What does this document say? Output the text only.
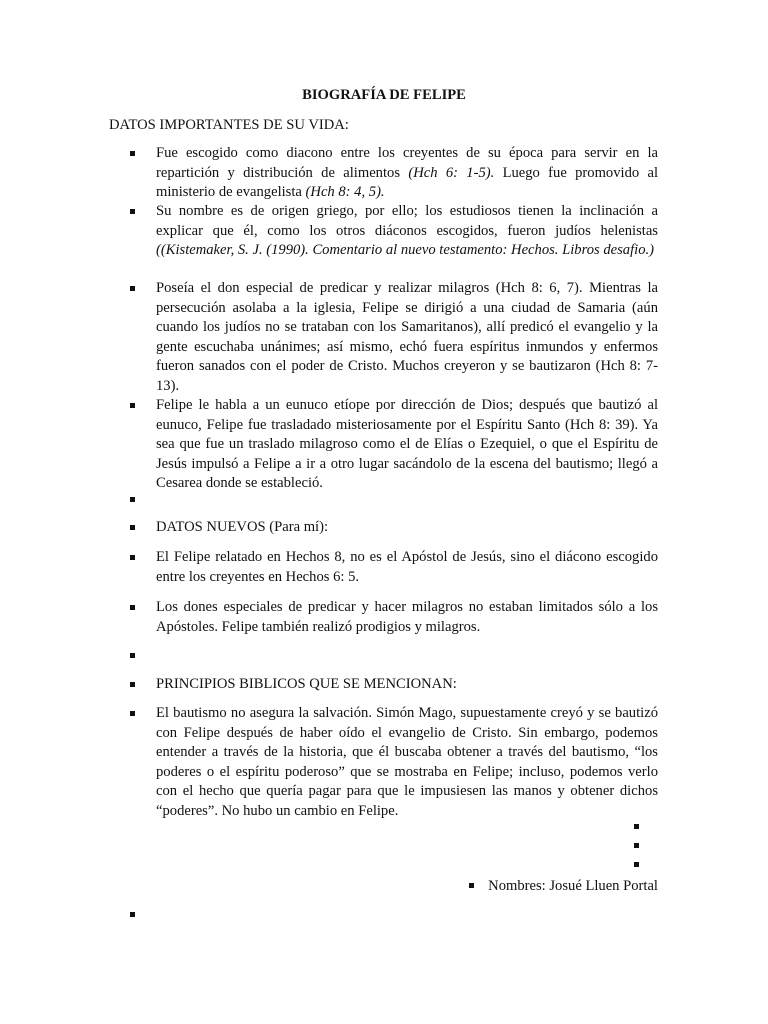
BIOGRAFÍA DE FELIPE

DATOS IMPORTANTES DE SU VIDA:

Fue escogido como diacono entre los creyentes de su época para servir en la repartición y distribución de alimentos (Hch 6: 1-5). Luego fue promovido al ministerio de evangelista (Hch 8: 4, 5).
Su nombre es de origen griego, por ello; los estudiosos tienen la inclinación a explicar que él, como los otros diáconos escogidos, fueron judíos helenistas ((Kistemaker, S. J. (1990). Comentario al nuevo testamento: Hechos. Libros desafio.)
Poseía el don especial de predicar y realizar milagros (Hch 8: 6, 7). Mientras la persecución asolaba a la iglesia, Felipe se dirigió a una ciudad de Samaria (aún cuando los judíos no se trataban con los Samaritanos), allí predicó el evangelio y la gente escuchaba unánimes; así mismo, echó fuera espíritus inmundos y enfermos fueron sanados con el poder de Cristo. Muchos creyeron y se bautizaron (Hch 8: 7-13).
Felipe le habla a un eunuco etíope por dirección de Dios; después que bautizó al eunuco, Felipe fue trasladado misteriosamente por el Espíritu Santo (Hch 8: 39). Ya sea que fue un traslado milagroso como el de Elías o Ezequiel, o que el Espíritu de Jesús impulsó a Felipe a ir a otro lugar sacándolo de la escena del bautismo; llegó a Cesarea donde se estableció.
DATOS NUEVOS (Para mí):
El Felipe relatado en Hechos 8, no es el Apóstol de Jesús, sino el diácono escogido entre los creyentes en Hechos 6: 5.
Los dones especiales de predicar y hacer milagros no estaban limitados sólo a los Apóstoles. Felipe también realizó prodigios y milagros.
PRINCIPIOS BIBLICOS QUE SE MENCIONAN:
El bautismo no asegura la salvación. Simón Mago, supuestamente creyó y se bautizó con Felipe después de haber oído el evangelio de Cristo. Sin embargo, podemos entender a través de la historia, que él buscaba obtener a través del bautismo, “los poderes o el espíritu poderoso” que se mostraba en Felipe; incluso, podemos verlo con el hecho que quería pagar para que le impusiesen las manos y obtener dichos “poderes”. No hubo un cambio en Felipe.
Nombres: Josué Lluen Portal
